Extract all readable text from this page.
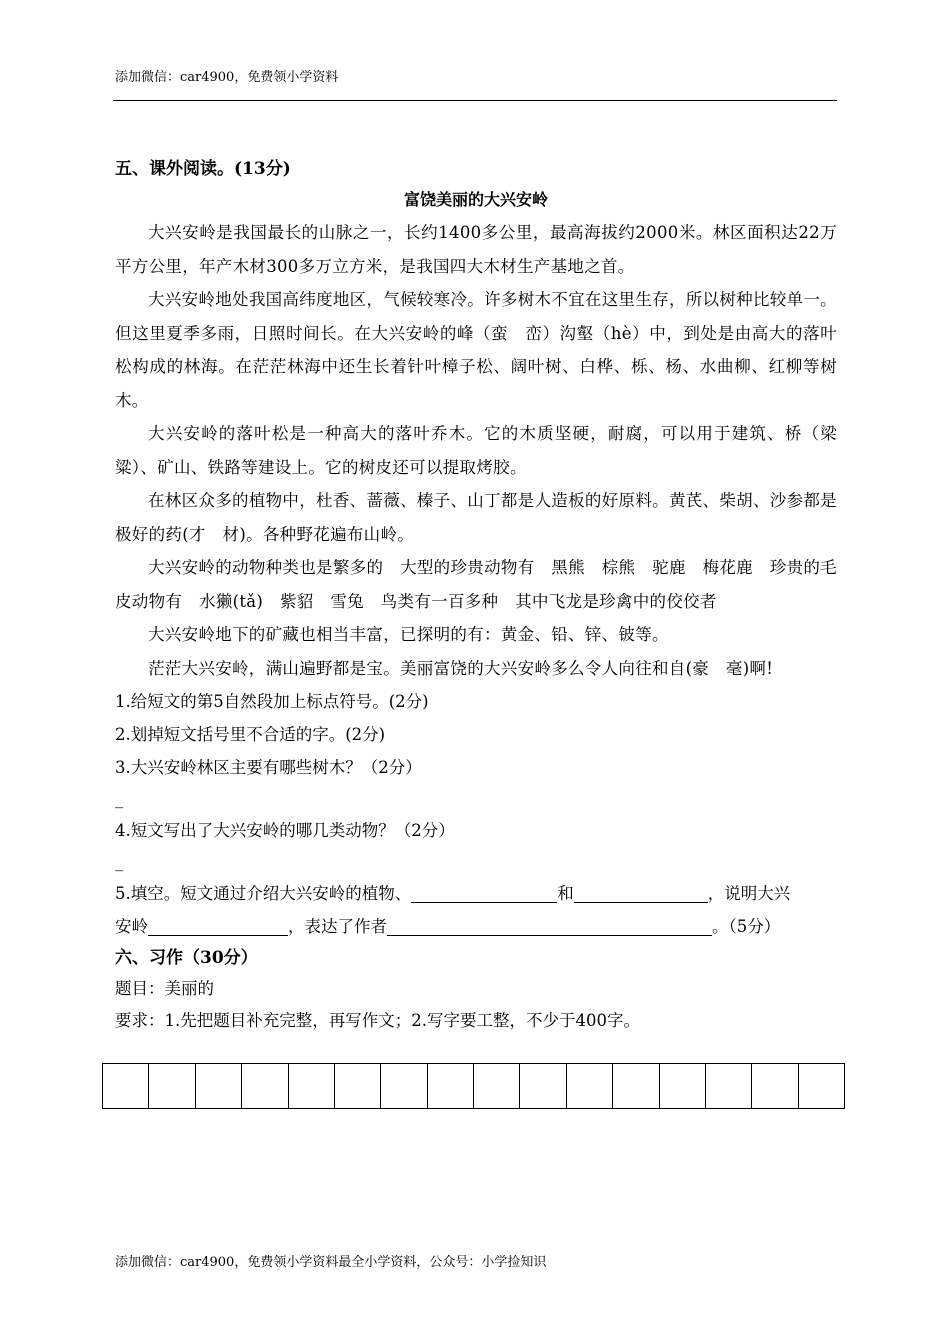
添加微信：car4900，免费领小学资料
五、课外阅读。(13分)
富饶美丽的大兴安岭

大兴安岭是我国最长的山脉之一，长约1400多公里，最高海拔约2000米。林区面积达22万平方公里，年产木材300多万立方米，是我国四大木材生产基地之首。

大兴安岭地处我国高纬度地区，气候较寒冷。许多树木不宜在这里生存，所以树种比较单一。但这里夏季多雨，日照时间长。在大兴安岭的峰（蛮　峦）沟壑（hè）中，到处是由高大的落叶松构成的林海。在茫茫林海中还生长着针叶樟子松、阔叶树、白桦、栎、杨、水曲柳、红柳等树木。

大兴安岭的落叶松是一种高大的落叶乔木。它的木质坚硬，耐腐，可以用于建筑、桥（梁　粱）、矿山、铁路等建设上。它的树皮还可以提取烤胶。

在林区众多的植物中，杜香、蔷薇、榛子、山丁都是人造板的好原料。黄芪、柴胡、沙参都是极好的药(才　材)。各种野花遍布山岭。

大兴安岭的动物种类也是繁多的　大型的珍贵动物有　黑熊　棕熊　驼鹿　梅花鹿　珍贵的毛皮动物有　水獭(tǎ)　紫貂　雪兔　鸟类有一百多种　其中飞龙是珍禽中的佼佼者

大兴安岭地下的矿藏也相当丰富，已探明的有：黄金、铅、锌、铍等。

茫茫大兴安岭，满山遍野都是宝。美丽富饶的大兴安岭多么令人向往和自(豪　毫)啊!

1.给短文的第5自然段加上标点符号。(2分)
2.划掉短文括号里不合适的字。(2分)
3.大兴安岭林区主要有哪些树木？（2分）
_
4.短文写出了大兴安岭的哪几类动物？（2分）
_
5.填空。短文通过介绍大兴安岭的植物、	和	，说明大兴
安岭	，表达了作者	。（5分）
六、习作（30分）
题目：美丽的
要求：1.先把题目补充完整，再写作文；2.写字要工整，不少于400字。
添加微信：car4900，免费领小学资料最全小学资料，公众号：小学捡知识
